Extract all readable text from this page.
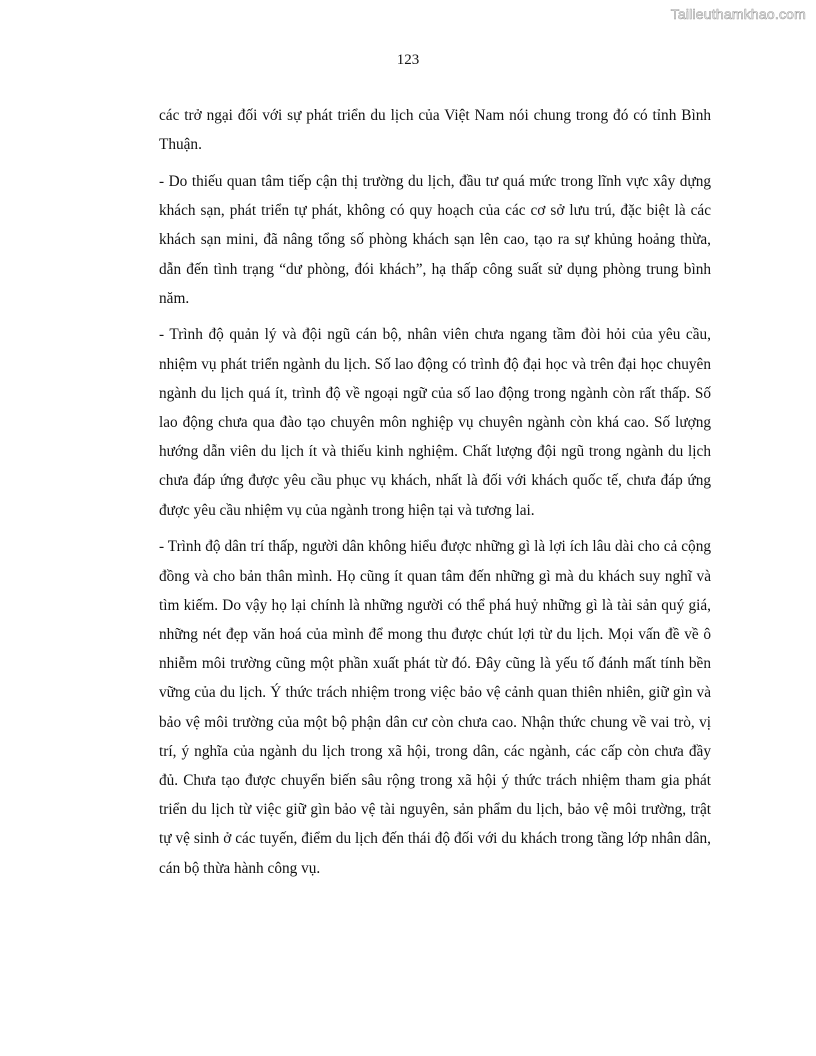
Tailieuthamkhao.com
123

các trở ngại đối với sự phát triển du lịch của Việt Nam nói chung trong đó có tỉnh Bình Thuận.

- Do thiếu quan tâm tiếp cận thị trường du lịch, đầu tư quá mức trong lĩnh vực xây dựng khách sạn, phát triển tự phát, không có quy hoạch của các cơ sở lưu trú, đặc biệt là các khách sạn mini, đã nâng tổng số phòng khách sạn lên cao, tạo ra sự khủng hoảng thừa, dẫn đến tình trạng “dư phòng, đói khách”, hạ thấp công suất sử dụng phòng trung bình năm.

- Trình độ quản lý và đội ngũ cán bộ, nhân viên chưa ngang tầm đòi hỏi của yêu cầu, nhiệm vụ phát triển ngành du lịch. Số lao động có trình độ đại học và trên đại học chuyên ngành du lịch quá ít, trình độ về ngoại ngữ của số lao động trong ngành còn rất thấp. Số lao động chưa qua đào tạo chuyên môn nghiệp vụ chuyên ngành còn khá cao. Số lượng hướng dẫn viên du lịch ít và thiếu kinh nghiệm. Chất lượng đội ngũ trong ngành du lịch chưa đáp ứng được yêu cầu phục vụ khách, nhất là đối với khách quốc tế, chưa đáp ứng được yêu cầu nhiệm vụ của ngành trong hiện tại và tương lai.

- Trình độ dân trí thấp, người dân không hiểu được những gì là lợi ích lâu dài cho cả cộng đồng và cho bản thân mình. Họ cũng ít quan tâm đến những gì mà du khách suy nghĩ và tìm kiếm. Do vậy họ lại chính là những người có thể phá huỷ những gì là tài sản quý giá, những nét đẹp văn hoá của mình để mong thu được chút lợi từ du lịch. Mọi vấn đề về ô nhiễm môi trường cũng một phần xuất phát từ đó. Đây cũng là yếu tố đánh mất tính bền vững của du lịch. Ý thức trách nhiệm trong việc bảo vệ cảnh quan thiên nhiên, giữ gìn và bảo vệ môi trường của một bộ phận dân cư còn chưa cao. Nhận thức chung về vai trò, vị trí, ý nghĩa của ngành du lịch trong xã hội, trong dân, các ngành, các cấp còn chưa đầy đủ. Chưa tạo được chuyển biến sâu rộng trong xã hội ý thức trách nhiệm tham gia phát triển du lịch từ việc giữ gìn bảo vệ tài nguyên, sản phẩm du lịch, bảo vệ môi trường, trật tự vệ sinh ở các tuyến, điểm du lịch đến thái độ đối với du khách trong tầng lớp nhân dân, cán bộ thừa hành công vụ.
